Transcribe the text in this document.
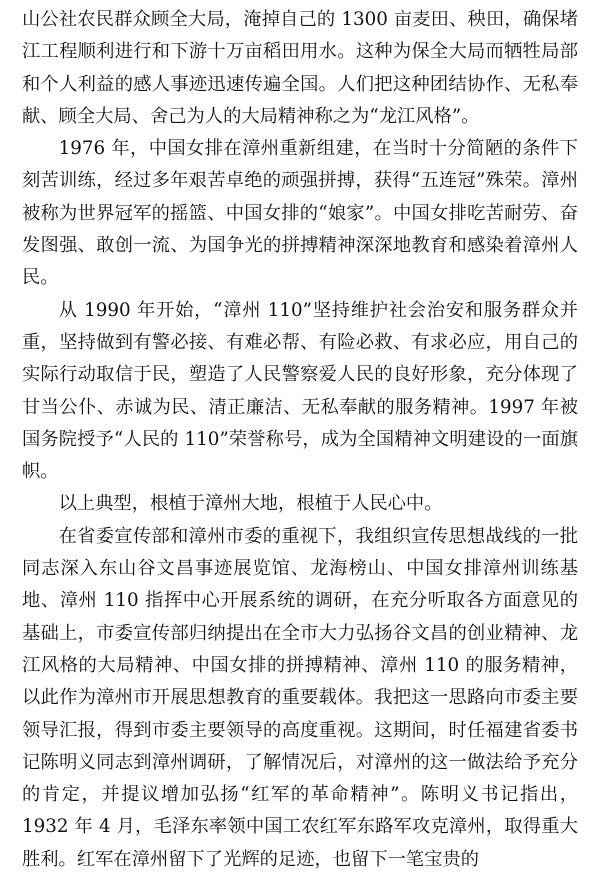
山公社农民群众顾全大局，淹掉自己的 1300 亩麦田、秧田，确保堵江工程顺利进行和下游十万亩稻田用水。这种为保全大局而牺牲局部和个人利益的感人事迹迅速传遍全国。人们把这种团结协作、无私奉献、顾全大局、舍己为人的大局精神称之为“龙江风格”。

1976 年，中国女排在漳州重新组建，在当时十分简陋的条件下刻苦训练，经过多年艰苦卓绝的顽强拼搏，获得“五连冠”殊荣。漳州被称为世界冠军的摇篮、中国女排的“娘家”。中国女排吃苦耐劳、奋发图强、敢创一流、为国争光的拼搏精神深深地教育和感染着漳州人民。

从 1990 年开始，“漳州 110”坚持维护社会治安和服务群众并重，坚持做到有警必接、有难必帮、有险必救、有求必应，用自己的实际行动取信于民，塑造了人民警察爱人民的良好形象，充分体现了甘当公仆、赤诚为民、清正廉洁、无私奉献的服务精神。1997 年被国务院授予“人民的 110”荣誉称号，成为全国精神文明建设的一面旗帜。

以上典型，根植于漳州大地，根植于人民心中。

在省委宣传部和漳州市委的重视下，我组织宣传思想战线的一批同志深入东山谷文昌事迹展览馆、龙海榜山、中国女排漳州训练基地、漳州 110 指挥中心开展系统的调研，在充分听取各方面意见的基础上，市委宣传部归纳提出在全市大力弘扬谷文昌的创业精神、龙江风格的大局精神、中国女排的拼搏精神、漳州 110 的服务精神，以此作为漳州市开展思想教育的重要载体。我把这一思路向市委主要领导汇报，得到市委主要领导的高度重视。这期间，时任福建省委书记陈明义同志到漳州调研，了解情况后，对漳州的这一做法给予充分的肯定，并提议增加弘扬“红军的革命精神”。陈明义书记指出，1932 年 4 月，毛泽东率领中国工农红军东路军攻克漳州，取得重大胜利。红军在漳州留下了光辉的足迹，也留下一笔宝贵的
